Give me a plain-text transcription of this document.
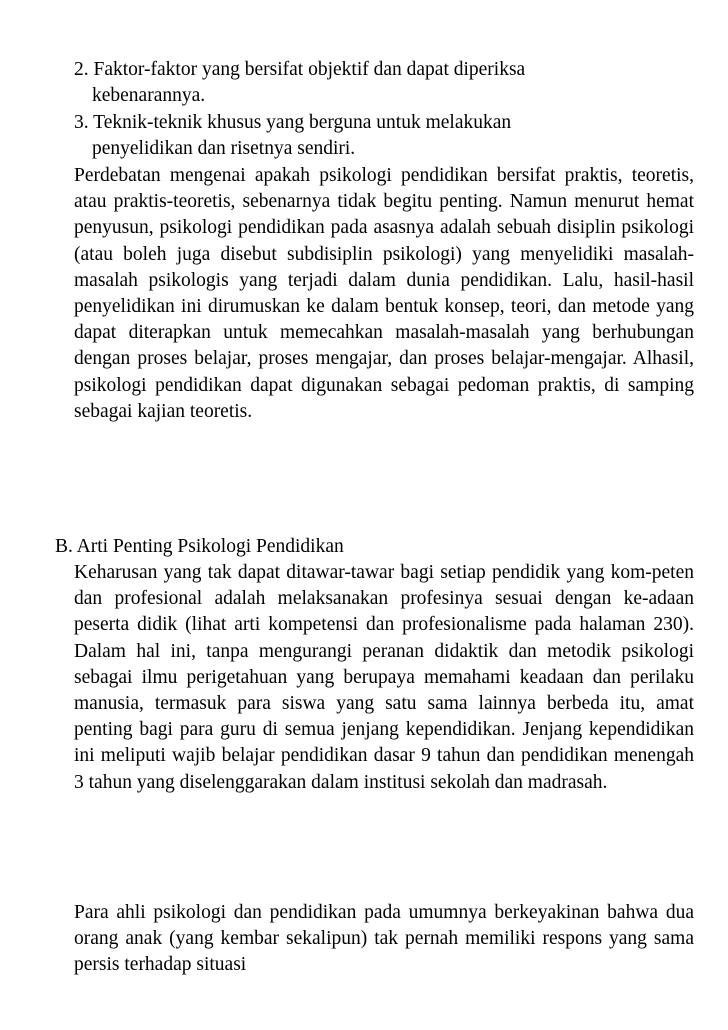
2. Faktor-faktor yang bersifat objektif dan dapat diperiksa
kebenarannya.
3. Teknik-teknik khusus yang berguna untuk melakukan
penyelidikan dan risetnya sendiri.

Perdebatan mengenai apakah psikologi pendidikan bersifat praktis, teoretis, atau praktis-teoretis, sebenarnya tidak begitu penting. Namun menurut hemat penyusun, psikologi pendidikan pada asasnya adalah sebuah disiplin psikologi (atau boleh juga disebut subdisiplin psikologi) yang menyelidiki masalah-masalah psikologis yang terjadi dalam dunia pendidikan. Lalu, hasil-hasil penyelidikan ini dirumuskan ke dalam bentuk konsep, teori, dan metode yang dapat diterapkan untuk memecahkan masalah-masalah yang berhubungan dengan proses belajar, proses mengajar, dan proses belajar-mengajar. Alhasil, psikologi pendidikan dapat digunakan sebagai pedoman praktis, di samping sebagai kajian teoretis.

B. Arti Penting Psikologi Pendidikan

Keharusan yang tak dapat ditawar-tawar bagi setiap pendidik yang kom-peten dan profesional adalah melaksanakan profesinya sesuai dengan ke-adaan peserta didik (lihat arti kompetensi dan profesionalisme pada halaman 230). Dalam hal ini, tanpa mengurangi peranan didaktik dan metodik psikologi sebagai ilmu perigetahuan yang berupaya memahami keadaan dan perilaku manusia, termasuk para siswa yang satu sama lainnya berbeda itu, amat penting bagi para guru di semua jenjang kependidikan. Jenjang kependidikan ini meliputi wajib belajar pendidikan dasar 9 tahun dan pendidikan menengah 3 tahun yang diselenggarakan dalam institusi sekolah dan madrasah.

Para ahli psikologi dan pendidikan pada umumnya berkeyakinan bahwa dua orang anak (yang kembar sekalipun) tak pernah memiliki respons yang sama persis terhadap situasi
